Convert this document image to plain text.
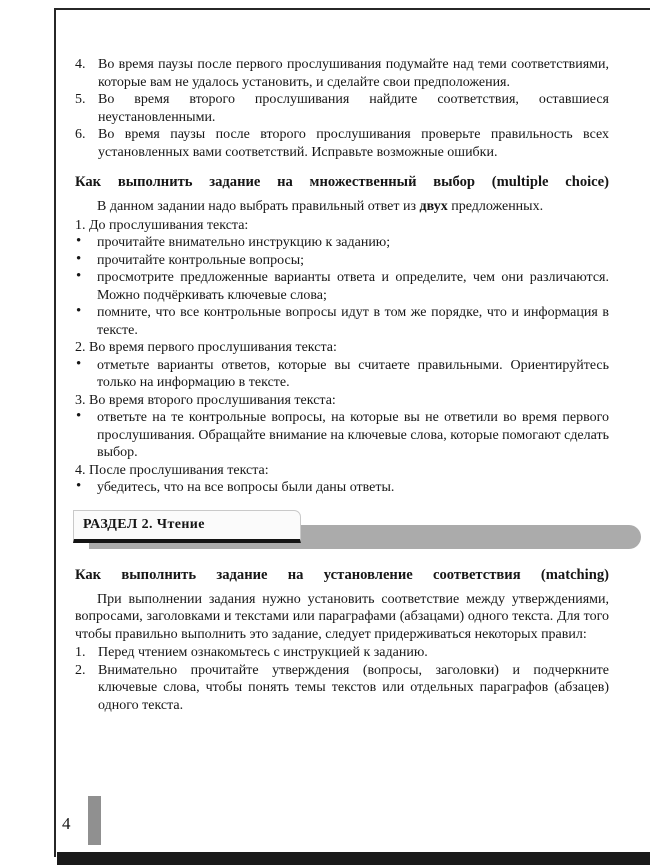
4. Во время паузы после первого прослушивания подумайте над теми соответствиями, которые вам не удалось установить, и сделайте свои предположения.
5. Во время второго прослушивания найдите соответствия, оставшиеся неустановленными.
6. Во время паузы после второго прослушивания проверьте правильность всех установленных вами соответствий. Исправьте возможные ошибки.
Как выполнить задание на множественный выбор (multiple choice)

В данном задании надо выбрать правильный ответ из двух предложенных.

1. До прослушивания текста:
• прочитайте внимательно инструкцию к заданию;
• прочитайте контрольные вопросы;
• просмотрите предложенные варианты ответа и определите, чем они различаются. Можно подчёркивать ключевые слова;
• помните, что все контрольные вопросы идут в том же порядке, что и информация в тексте.
2. Во время первого прослушивания текста:
• отметьте варианты ответов, которые вы считаете правильными. Ориентируйтесь только на информацию в тексте.
3. Во время второго прослушивания текста:
• ответьте на те контрольные вопросы, на которые вы не ответили во время первого прослушивания. Обращайте внимание на ключевые слова, которые помогают сделать выбор.
4. После прослушивания текста:
• убедитесь, что на все вопросы были даны ответы.
РАЗДЕЛ 2. Чтение
Как выполнить задание на установление соответствия (matching)

При выполнении задания нужно установить соответствие между утверждениями, вопросами, заголовками и текстами или параграфами (абзацами) одного текста. Для того чтобы правильно выполнить это задание, следует придерживаться некоторых правил:

1. Перед чтением ознакомьтесь с инструкцией к заданию.
2. Внимательно прочитайте утверждения (вопросы, заголовки) и подчеркните ключевые слова, чтобы понять темы текстов или отдельных параграфов (абзацев) одного текста.
4
